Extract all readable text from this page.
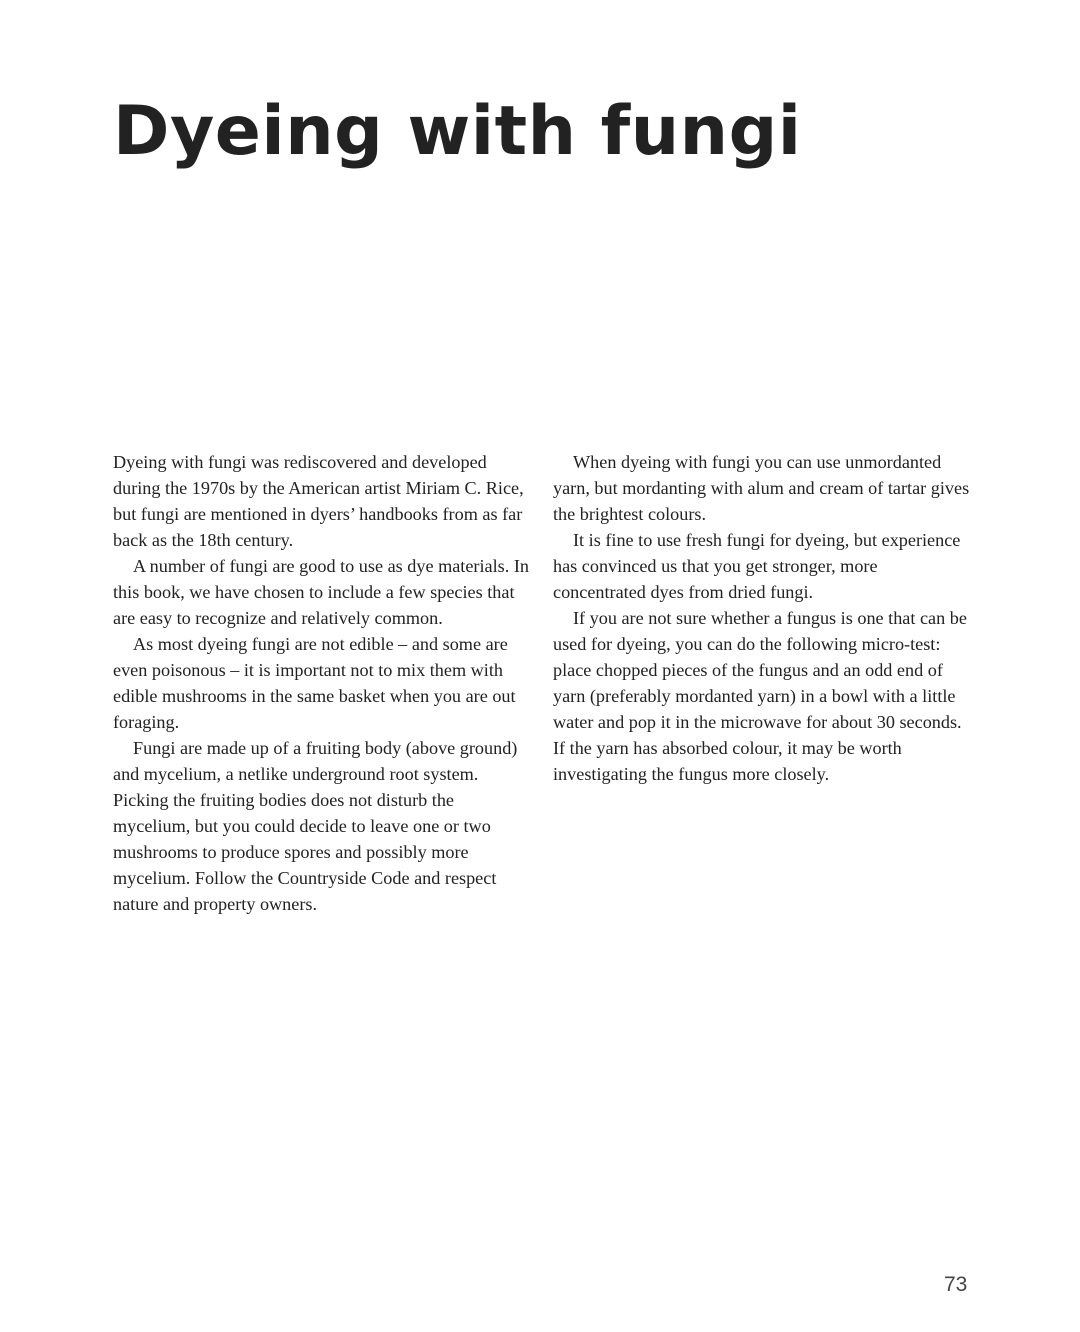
Dyeing with fungi

Dyeing with fungi was rediscovered and developed during the 1970s by the American artist Miriam C. Rice, but fungi are mentioned in dyers’ handbooks from as far back as the 18th century.

A number of fungi are good to use as dye materials. In this book, we have chosen to include a few species that are easy to recognize and relatively common.

As most dyeing fungi are not edible – and some are even poisonous – it is important not to mix them with edible mushrooms in the same basket when you are out foraging.

Fungi are made up of a fruiting body (above ground) and mycelium, a netlike underground root system. Picking the fruiting bodies does not disturb the mycelium, but you could decide to leave one or two mushrooms to produce spores and possibly more mycelium. Follow the Countryside Code and respect nature and property owners.

When dyeing with fungi you can use unmordanted yarn, but mordanting with alum and cream of tartar gives the brightest colours.

It is fine to use fresh fungi for dyeing, but experience has convinced us that you get stronger, more concentrated dyes from dried fungi.

If you are not sure whether a fungus is one that can be used for dyeing, you can do the following micro-test: place chopped pieces of the fungus and an odd end of yarn (preferably mordanted yarn) in a bowl with a little water and pop it in the microwave for about 30 seconds. If the yarn has absorbed colour, it may be worth investigating the fungus more closely.

73
